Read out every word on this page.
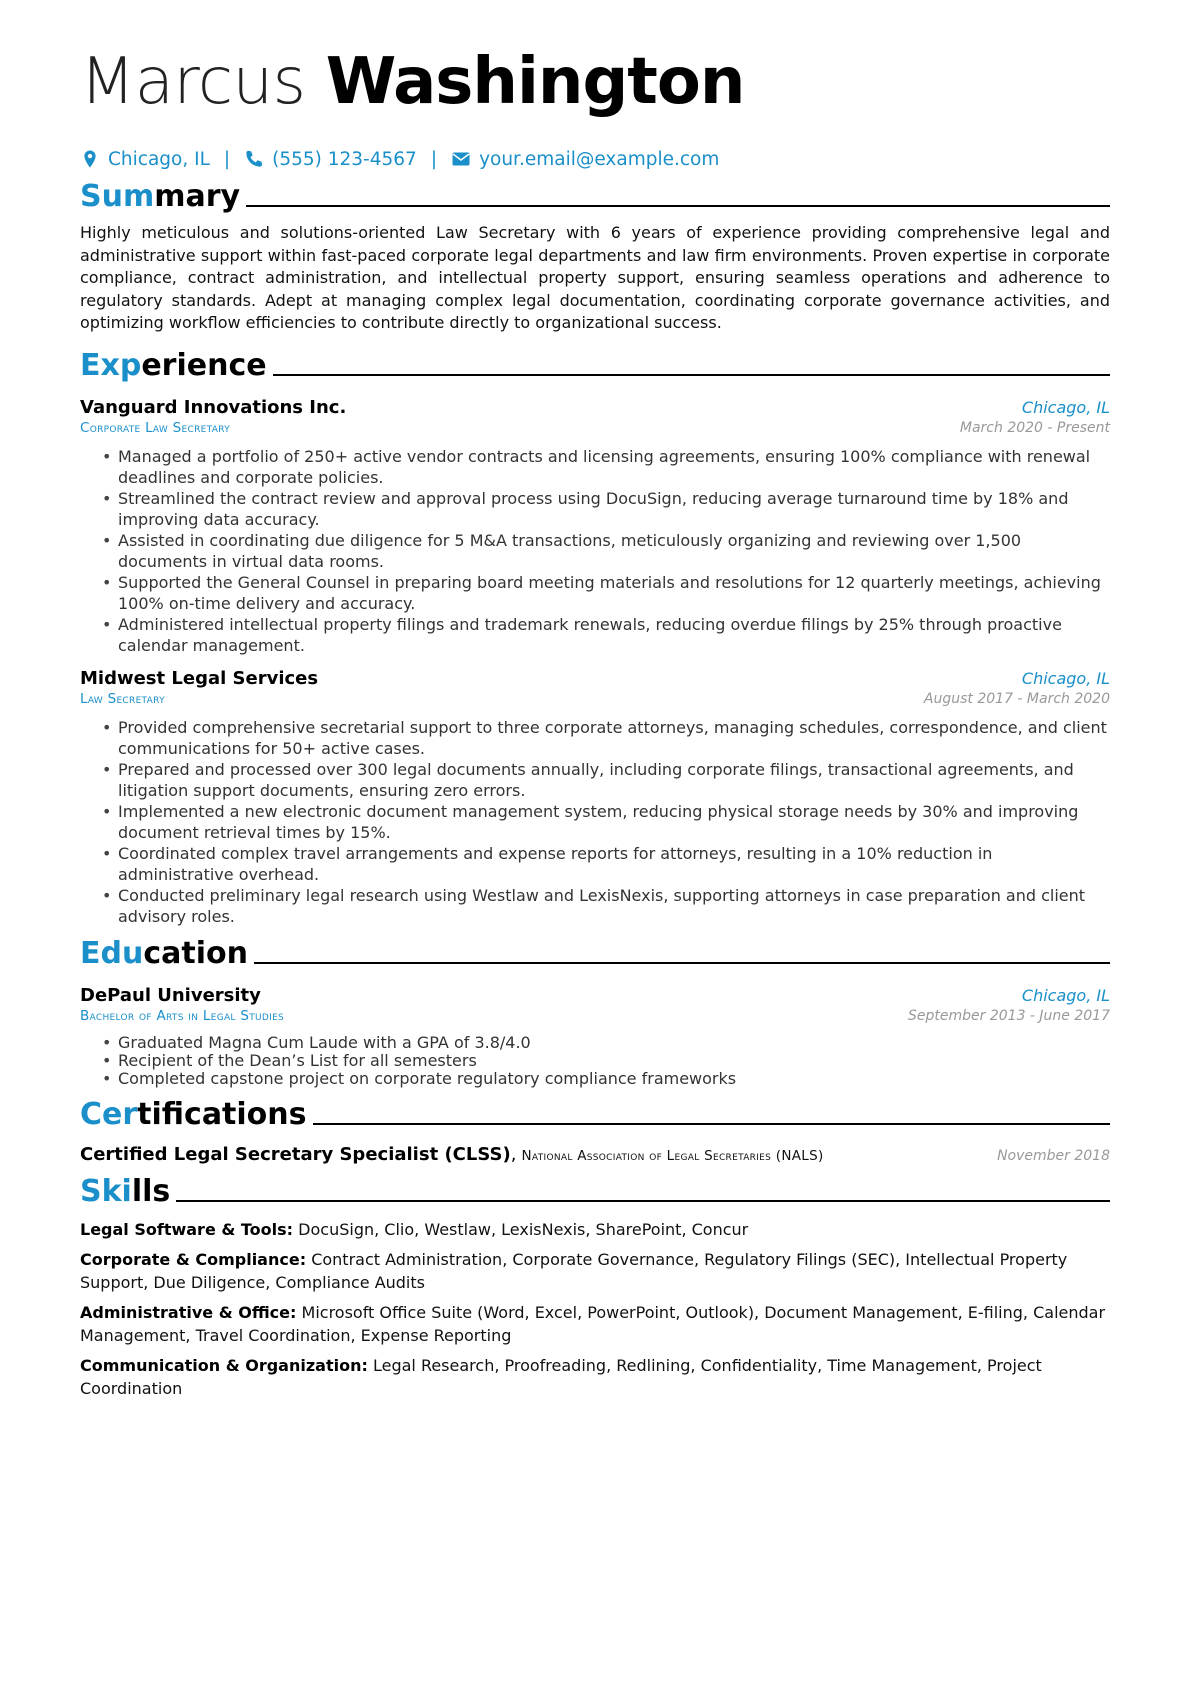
Marcus Washington
Chicago, IL | (555) 123-4567 | your.email@example.com
Summary

Highly meticulous and solutions-oriented Law Secretary with 6 years of experience providing comprehensive legal and administrative support within fast-paced corporate legal departments and law firm environments. Proven expertise in corporate compliance, contract administration, and intellectual property support, ensuring seamless operations and adherence to regulatory standards. Adept at managing complex legal documentation, coordinating corporate governance activities, and optimizing workflow efficiencies to contribute directly to organizational success.

Experience
Vanguard Innovations Inc.	Chicago, IL
Corporate Law Secretary	March 2020 - Present
• Managed a portfolio of 250+ active vendor contracts and licensing agreements, ensuring 100% compliance with renewal deadlines and corporate policies.
• Streamlined the contract review and approval process using DocuSign, reducing average turnaround time by 18% and improving data accuracy.
• Assisted in coordinating due diligence for 5 M&A transactions, meticulously organizing and reviewing over 1,500 documents in virtual data rooms.
• Supported the General Counsel in preparing board meeting materials and resolutions for 12 quarterly meetings, achieving 100% on-time delivery and accuracy.
• Administered intellectual property filings and trademark renewals, reducing overdue filings by 25% through proactive calendar management.
Midwest Legal Services	Chicago, IL
Law Secretary	August 2017 - March 2020
• Provided comprehensive secretarial support to three corporate attorneys, managing schedules, correspondence, and client communications for 50+ active cases.
• Prepared and processed over 300 legal documents annually, including corporate filings, transactional agreements, and litigation support documents, ensuring zero errors.
• Implemented a new electronic document management system, reducing physical storage needs by 30% and improving document retrieval times by 15%.
• Coordinated complex travel arrangements and expense reports for attorneys, resulting in a 10% reduction in administrative overhead.
• Conducted preliminary legal research using Westlaw and LexisNexis, supporting attorneys in case preparation and client advisory roles.
Education
DePaul University	Chicago, IL
Bachelor of Arts in Legal Studies	September 2013 - June 2017
• Graduated Magna Cum Laude with a GPA of 3.8/4.0
• Recipient of the Dean’s List for all semesters
• Completed capstone project on corporate regulatory compliance frameworks
Certifications
Certified Legal Secretary Specialist (CLSS), National Association of Legal Secretaries (NALS)	November 2018
Skills

Legal Software & Tools: DocuSign, Clio, Westlaw, LexisNexis, SharePoint, Concur

Corporate & Compliance: Contract Administration, Corporate Governance, Regulatory Filings (SEC), Intellectual Property Support, Due Diligence, Compliance Audits

Administrative & Office: Microsoft Office Suite (Word, Excel, PowerPoint, Outlook), Document Management, E-filing, Calendar Management, Travel Coordination, Expense Reporting

Communication & Organization: Legal Research, Proofreading, Redlining, Confidentiality, Time Management, Project Coordination
